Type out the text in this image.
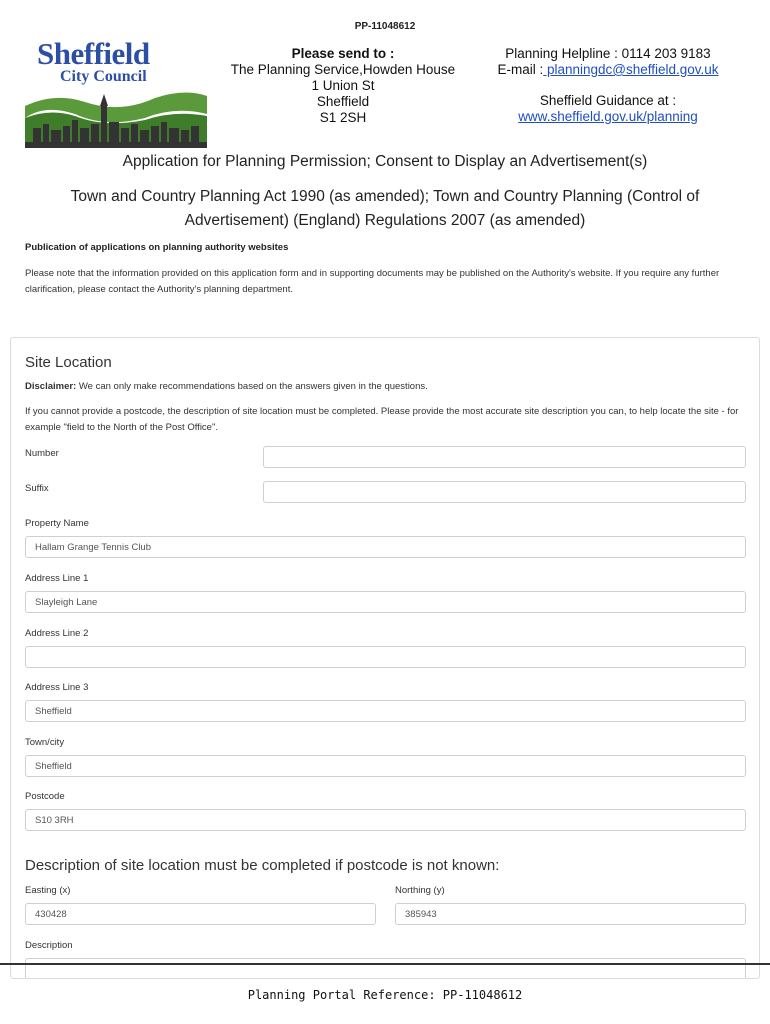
PP-11048612
Sheffield
City Council
Please send to :
The Planning Service,Howden House
1 Union St
Sheffield
S1 2SH
Planning Helpline : 0114 203 9183
E-mail : planningdc@sheffield.gov.uk
Sheffield Guidance at :
www.sheffield.gov.uk/planning
Application for Planning Permission; Consent to Display an Advertisement(s)
Town and Country Planning Act 1990 (as amended); Town and Country Planning (Control of Advertisement) (England) Regulations 2007 (as amended)
Publication of applications on planning authority websites
Please note that the information provided on this application form and in supporting documents may be published on the Authority's website. If you require any further clarification, please contact the Authority's planning department.
Site Location
Disclaimer: We can only make recommendations based on the answers given in the questions.
If you cannot provide a postcode, the description of site location must be completed. Please provide the most accurate site description you can, to help locate the site - for example "field to the North of the Post Office".
Number
Suffix
Property Name
Hallam Grange Tennis Club
Address Line 1
Slayleigh Lane
Address Line 2
Address Line 3
Sheffield
Town/city
Sheffield
Postcode
S10 3RH
Description of site location must be completed if postcode is not known:
Easting (x)
430428
Northing (y)
385943
Description
Planning Portal Reference: PP-11048612
